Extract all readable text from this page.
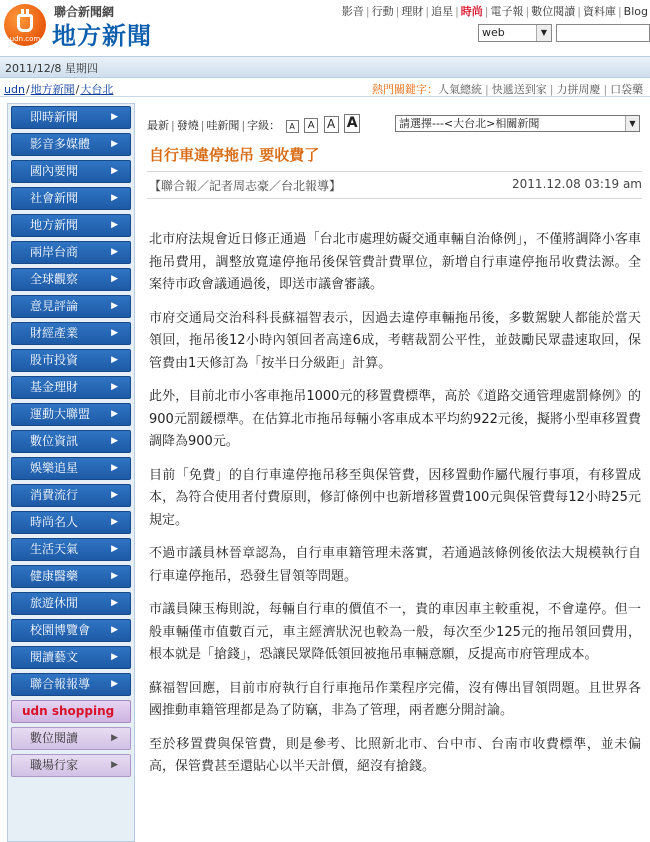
udn.com
聯合新聞網
地方新聞
影音 | 行動 | 理財 | 追星 | 時尚 | 電子報 | 數位閱讀 | 資料庫 | Blog
web	▼
2011/12/8 星期四
udn/地方新聞/大台北	熱門關鍵字：人氣總統 | 快遞送到家 | 力拼周慶 | 口袋藥
即時新聞	▶
影音多媒體 ▶
國內要聞	▶
社會新聞	▶
地方新聞	▶
兩岸台商	▶
全球觀察	▶
意見評論	▶
財經產業	▶
股市投資	▶
基金理財	▶
運動大聯盟 ▶
數位資訊	▶
娛樂追星	▶
消費流行	▶
時尚名人	▶
生活天氣	▶
健康醫藥	▶
旅遊休閒	▶
校園博覽會 ▶
閱讀藝文	▶
聯合報報導 ▶
udn shopping
數位閱讀	▶
職場行家	▶
最新 | 發燒 | 哇新聞 | 字級： A A A A	請選擇---<大台北>相關新聞	▼
自行車違停拖吊 要收費了
【聯合報／記者周志豪／台北報導】	2011.12.08 03:19 am

北市府法規會近日修正通過「台北市處理妨礙交通車輛自治條例」，不僅將調降小客車拖吊費用，調整放寬違停拖吊後保管費計費單位，新增自行車違停拖吊收費法源。全案待市政會議通過後，即送市議會審議。

市府交通局交治科科長蘇福智表示，因過去違停車輛拖吊後，多數駕駛人都能於當天領回，拖吊後12小時內領回者高達6成，考轄裁罰公平性，並鼓勵民眾盡速取回，保管費由1天修訂為「按半日分級距」計算。

此外，目前北市小客車拖吊1000元的移置費標準，高於《道路交通管理處罰條例》的900元罰鍰標準。在估算北市拖吊每輛小客車成本平均約922元後，擬將小型車移置費調降為900元。

目前「免費」的自行車違停拖吊移至與保管費，因移置動作屬代履行事項，有移置成本，為符合使用者付費原則，修訂條例中也新增移置費100元與保管費每12小時25元規定。

不過市議員林晉章認為，自行車車籍管理未落實，若通過該條例後依法大規模執行自行車違停拖吊，恐發生冒領等問題。

市議員陳玉梅則說，每輛自行車的價值不一，貴的車因車主較重視，不會違停。但一般車輛僅市值數百元，車主經濟狀況也較為一般，每次至少125元的拖吊領回費用，根本就是「搶錢」，恐讓民眾降低領回被拖吊車輛意願，反提高市府管理成本。

蘇福智回應，目前市府執行自行車拖吊作業程序完備，沒有傳出冒領問題。且世界各國推動車籍管理都是為了防竊，非為了管理，兩者應分開討論。

至於移置費與保管費，則是參考、比照新北市、台中市、台南市收費標準，並未偏高，保管費甚至還貼心以半天計價，絕沒有搶錢。
